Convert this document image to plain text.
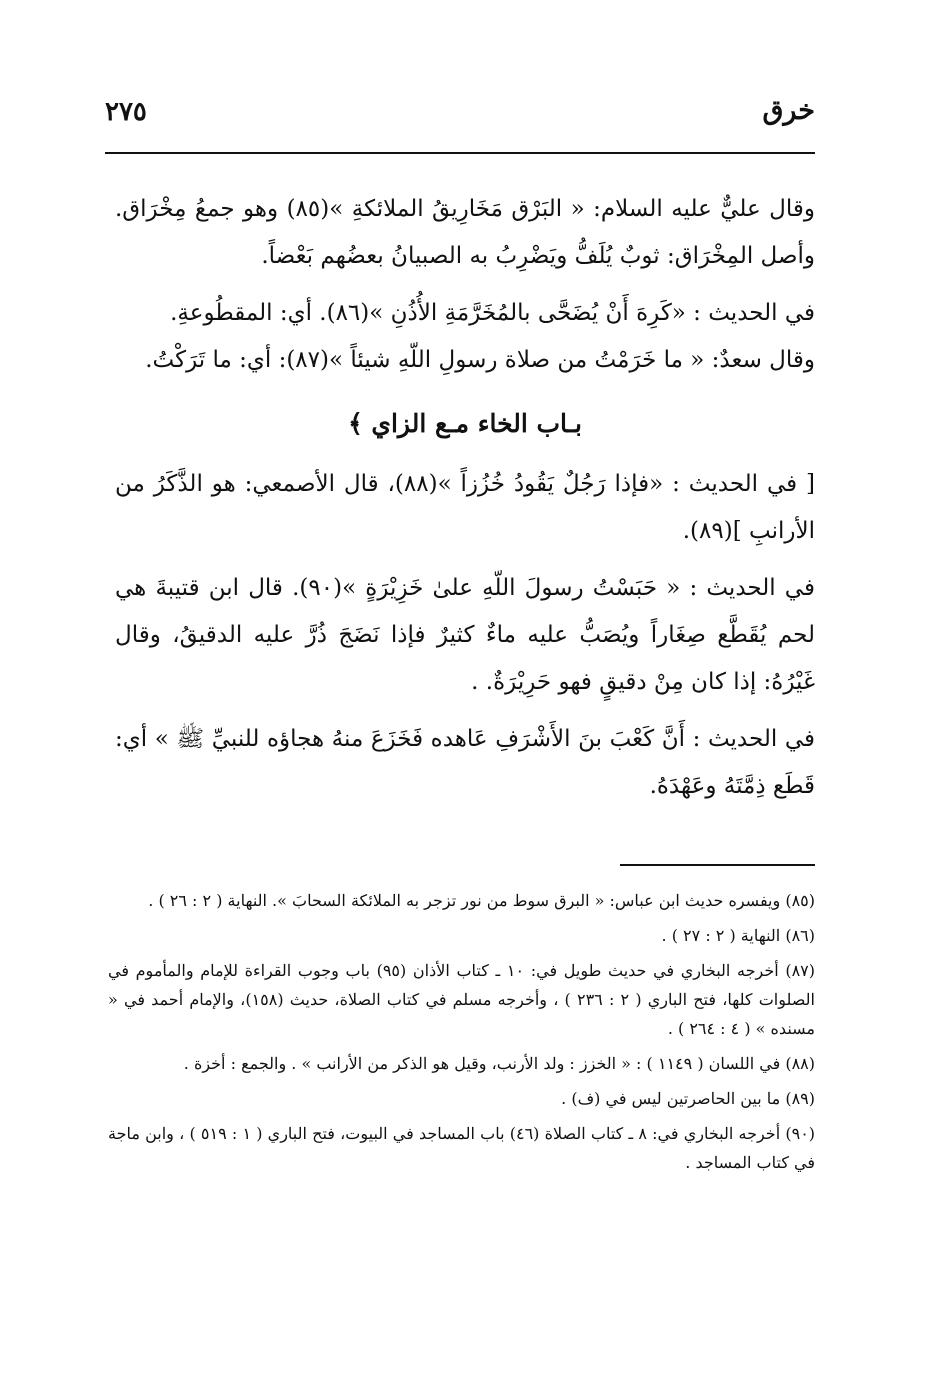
خرق
٢٧٥

وقال عليٌّ عليه السلام: « البَرْق مَخَارِيقُ الملائكةِ »(٨٥) وهو جمعُ مِخْرَاق. وأصل المِخْرَاق: ثوبٌ يُلَفُّ ويَضْرِبُ به الصبيانُ بعضُهم بَعْضاً.

في الحديث : «كَرِهَ أَنْ يُضَحَّى بالمُخَرَّمَةِ الأُذُنِ »(٨٦). أي: المقطُوعةِ.

وقال سعدٌ: « ما خَرَمْتُ من صلاة رسولِ اللّهِ شيئاً »(٨٧): أي: ما تَرَكْتُ.

بـاب الخاء مـع الزاي ﴾

[ في الحديث : «فإذا رَجُلٌ يَقُودُ خُزُزاً »(٨٨)، قال الأصمعي: هو الذَّكَرُ من الأرانبِ ](٨٩).

في الحديث : « حَبَسْتُ رسولَ اللّهِ علىٰ خَزِيْرَةٍ »(٩٠). قال ابن قتيبةَ هي لحم يُقَطَّع صِغَاراً ويُصَبُّ عليه ماءٌ كثيرٌ فإذا نَضَجَ ذُرَّ عليه الدقيقُ، وقال غَيْرُهُ: إذا كان مِنْ دقيقٍ فهو حَرِيْرَةٌ. .

في الحديث : أَنَّ كَعْبَ بنَ الأَشْرَفِ عَاهده فَخَزَعَ منهُ هجاؤه للنبيِّ ﷺ » أي: قَطَع ذِمَّتَهُ وعَهْدَهُ.

(٨٥) ويفسره حديث ابن عباس: « البرق سوط من نور تزجر به الملائكة السحابَ ». النهاية ( ٢ : ٢٦ ) .

(٨٦) النهاية ( ٢ : ٢٧ ) .

(٨٧) أخرجه البخاري في حديث طويل في: ١٠ ـ كتاب الأذان (٩٥) باب وجوب القراءة للإمام والمأموم في الصلوات كلها، فتح الباري ( ٢ : ٢٣٦ ) ، وأخرجه مسلم في كتاب الصلاة، حديث (١٥٨)، والإمام أحمد في « مسنده » ( ٤ : ٢٦٤ ) .

(٨٨) في اللسان ( ١١٤٩ ) : « الخزز : ولد الأرنب، وقيل هو الذكر من الأرانب » . والجمع : أخزة .

(٨٩) ما بين الحاصرتين ليس في (ف) .

(٩٠) أخرجه البخاري في: ٨ ـ كتاب الصلاة (٤٦) باب المساجد في البيوت، فتح الباري ( ١ : ٥١٩ ) ، وابن ماجة في كتاب المساجد .
